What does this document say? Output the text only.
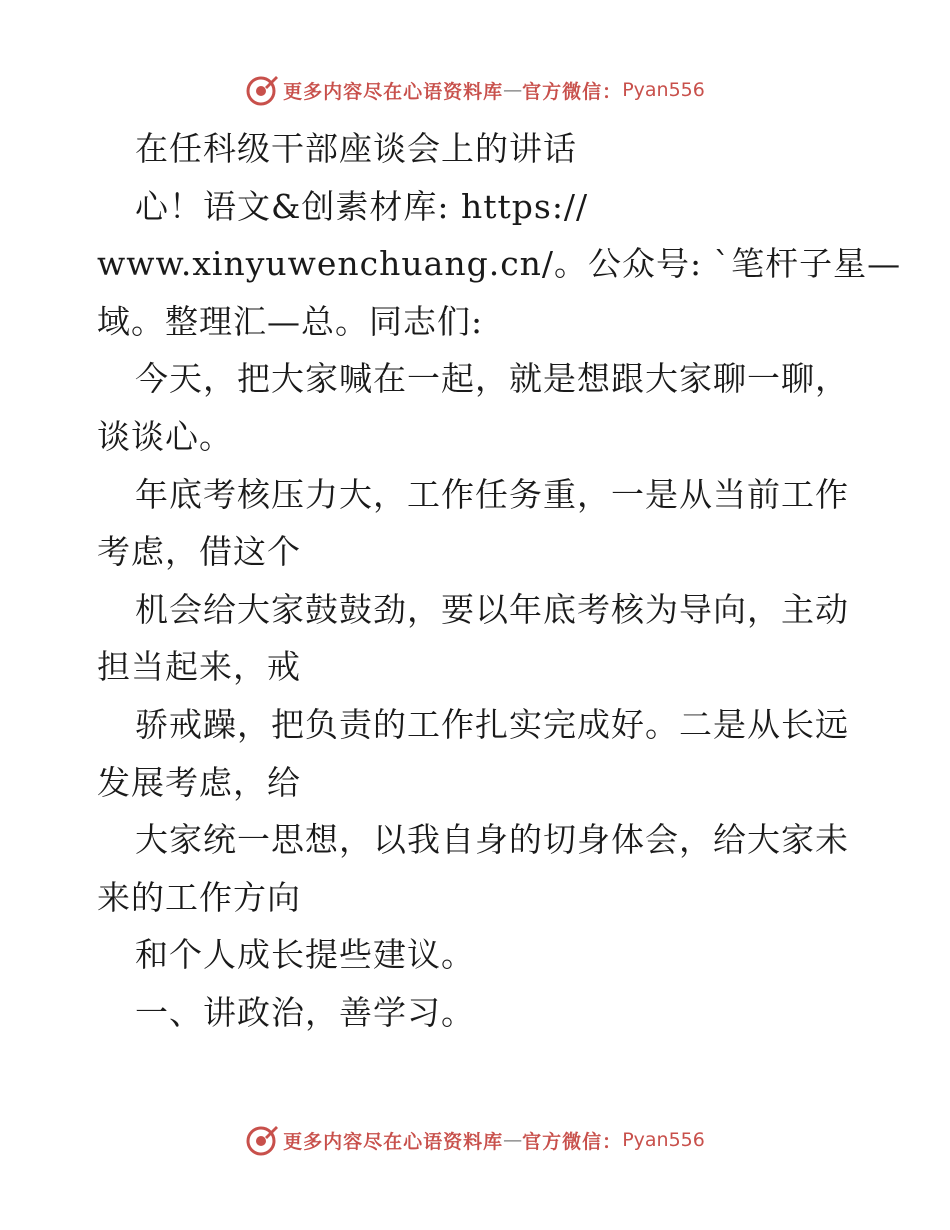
更多内容尽在心语资料库 — 官方微信： Pyan556
在任科级干部座谈会上的讲话
心！语文&创素材库: https://
www.xinyuwenchuang.cn/。公众号: `笔杆子星—
域。整理汇—总。同志们:
今天，把大家喊在一起，就是想跟大家聊一聊，
谈谈心。
年底考核压力大，工作任务重，一是从当前工作
考虑，借这个
机会给大家鼓鼓劲，要以年底考核为导向，主动
担当起来，戒
骄戒躁，把负责的工作扎实完成好。二是从长远
发展考虑，给
大家统一思想，以我自身的切身体会，给大家未
来的工作方向
和个人成长提些建议。
一、讲政治，善学习。
更多内容尽在心语资料库 — 官方微信： Pyan556
